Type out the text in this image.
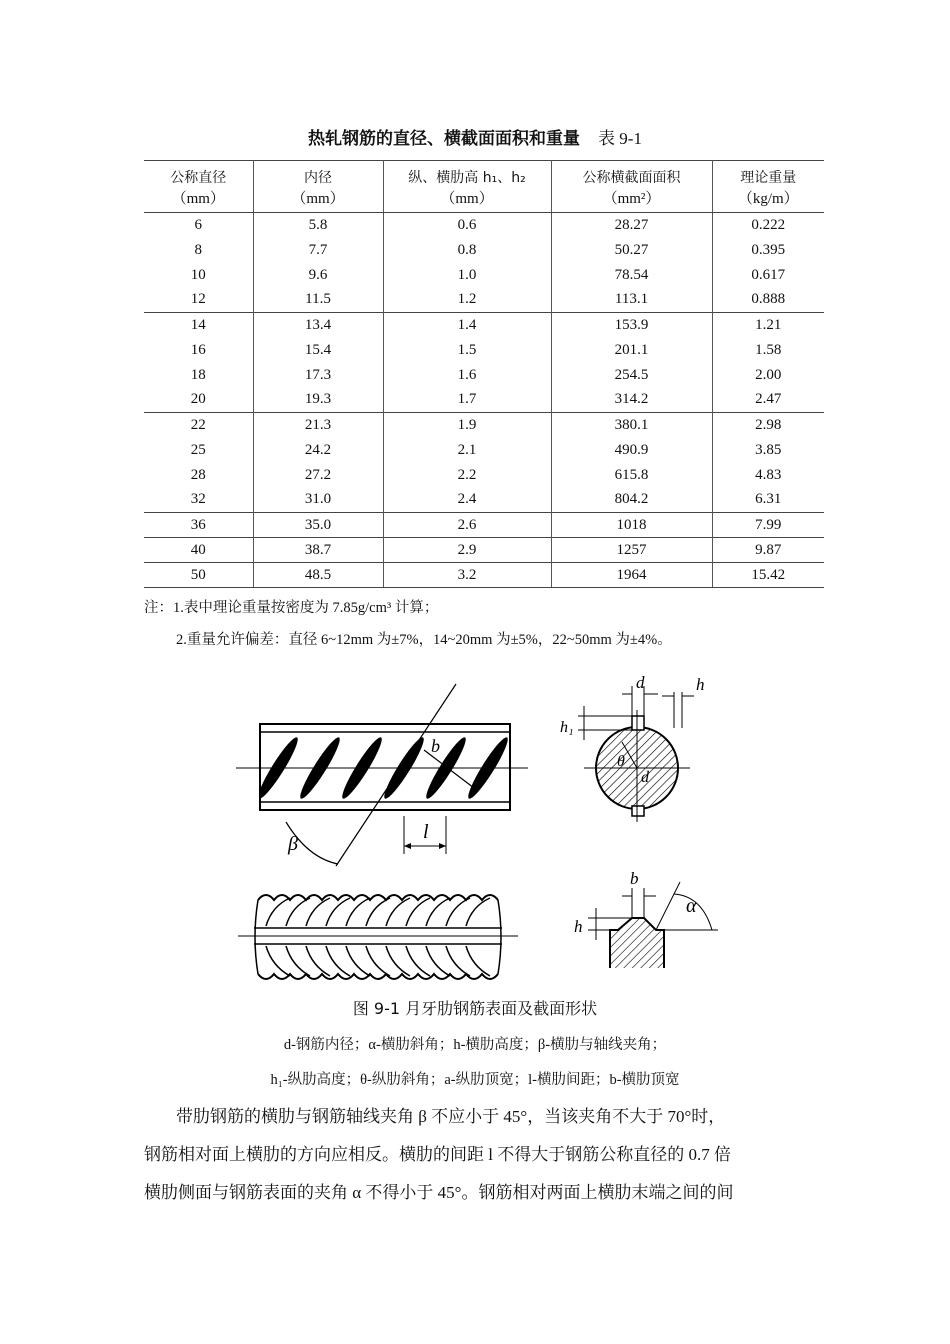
热轧钢筋的直径、横截面面积和重量 表 9-1
公称直径	内径	纵、横肋高 h₁、h₂	公称横截面面积	理论重量
（mm）	（mm）	（mm）	（mm²）	（kg/m）
6	5.8	0.6	28.27	0.222
8	7.7	0.8	50.27	0.395
10	9.6	1.0	78.54	0.617
12	11.5	1.2	113.1	0.888
14	13.4	1.4	153.9	1.21
16	15.4	1.5	201.1	1.58
18	17.3	1.6	254.5	2.00
20	19.3	1.7	314.2	2.47
22	21.3	1.9	380.1	2.98
25	24.2	2.1	490.9	3.85
28	27.2	2.2	615.8	4.83
32	31.0	2.4	804.2	6.31
36	35.0	2.6	1018	7.99
40	38.7	2.9	1257	9.87
50	48.5	3.2	1964	15.42
注：1.表中理论重量按密度为 7.85g/cm³ 计算；
2.重量允许偏差：直径 6~12mm 为±7%，14~20mm 为±5%，22~50mm 为±4%。
b
β
l
d	h
h₁
θ
d
b
h
α
图 9-1 月牙肋钢筋表面及截面形状
d-钢筋内径；α-横肋斜角；h-横肋高度；β-横肋与轴线夹角；
h₁-纵肋高度；θ-纵肋斜角；a-纵肋顶宽；l-横肋间距；b-横肋顶宽
带肋钢筋的横肋与钢筋轴线夹角 β 不应小于 45°，当该夹角不大于 70°时，
钢筋相对面上横肋的方向应相反。横肋的间距 l 不得大于钢筋公称直径的 0.7 倍
横肋侧面与钢筋表面的夹角 α 不得小于 45°。钢筋相对两面上横肋末端之间的间
